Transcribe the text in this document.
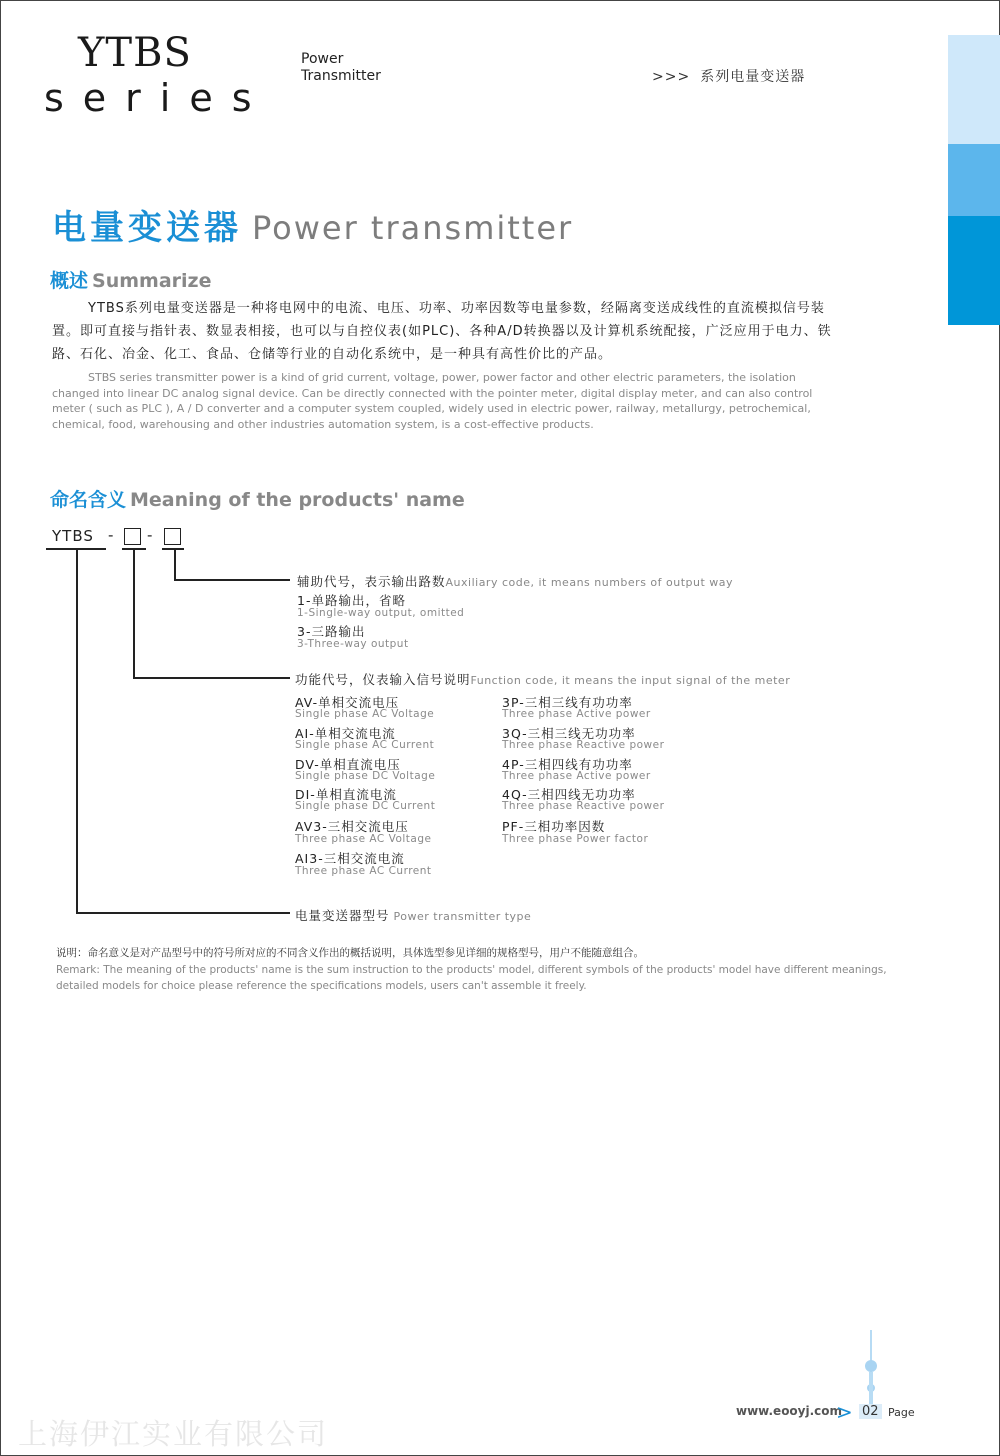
YTBS
series
Power
Transmitter	>>> 系列电量变送器
电量变送器 Power transmitter
概述 Summarize
YTBS系列电量变送器是一种将电网中的电流、电压、功率、功率因数等电量参数，经隔离变送成线性的直流模拟信号装置。即可直接与指针表、数显表相接，也可以与自控仪表(如PLC)、各种A/D转换器以及计算机系统配接，广泛应用于电力、铁路、石化、冶金、化工、食品、仓储等行业的自动化系统中，是一种具有高性价比的产品。
STBS series transmitter power is a kind of grid current, voltage, power, power factor and other electric parameters, the isolation changed into linear DC analog signal device. Can be directly connected with the pointer meter, digital display meter, and can also control meter ( such as PLC ), A / D converter and a computer system coupled, widely used in electric power, railway, metallurgy, petrochemical, chemical, food, warehousing and other industries automation system, is a cost-effective products.
命名含义 Meaning of the products' name
YTBS - -
辅助代号，表示输出路数Auxiliary code, it means numbers of output way
1-单路输出，省略
1-Single-way output, omitted
3-三路输出
3-Three-way output
功能代号，仪表输入信号说明Function code, it means the input signal of the meter
AV-单相交流电压
Single phase AC Voltage
AI-单相交流电流
Single phase AC Current
DV-单相直流电压
Single phase DC Voltage
DI-单相直流电流
Single phase DC Current
AV3-三相交流电压
Three phase AC Voltage
AI3-三相交流电流
Three phase AC Current
3P-三相三线有功功率
Three phase Active power
3Q-三相三线无功功率
Three phase Reactive power
4P-三相四线有功功率
Three phase Active power
4Q-三相四线无功功率
Three phase Reactive power
PF-三相功率因数
Three phase Power factor
电量变送器型号 Power transmitter type
说明：命名意义是对产品型号中的符号所对应的不同含义作出的概括说明，具体选型参见详细的规格型号，用户不能随意组合。
Remark: The meaning of the products' name is the sum instruction to the products' model, different symbols of the products' model have different meanings, detailed models for choice please reference the specifications models, users can't assemble it freely.
上海伊江实业有限公司
www.eooyj.com
> 02 Page
